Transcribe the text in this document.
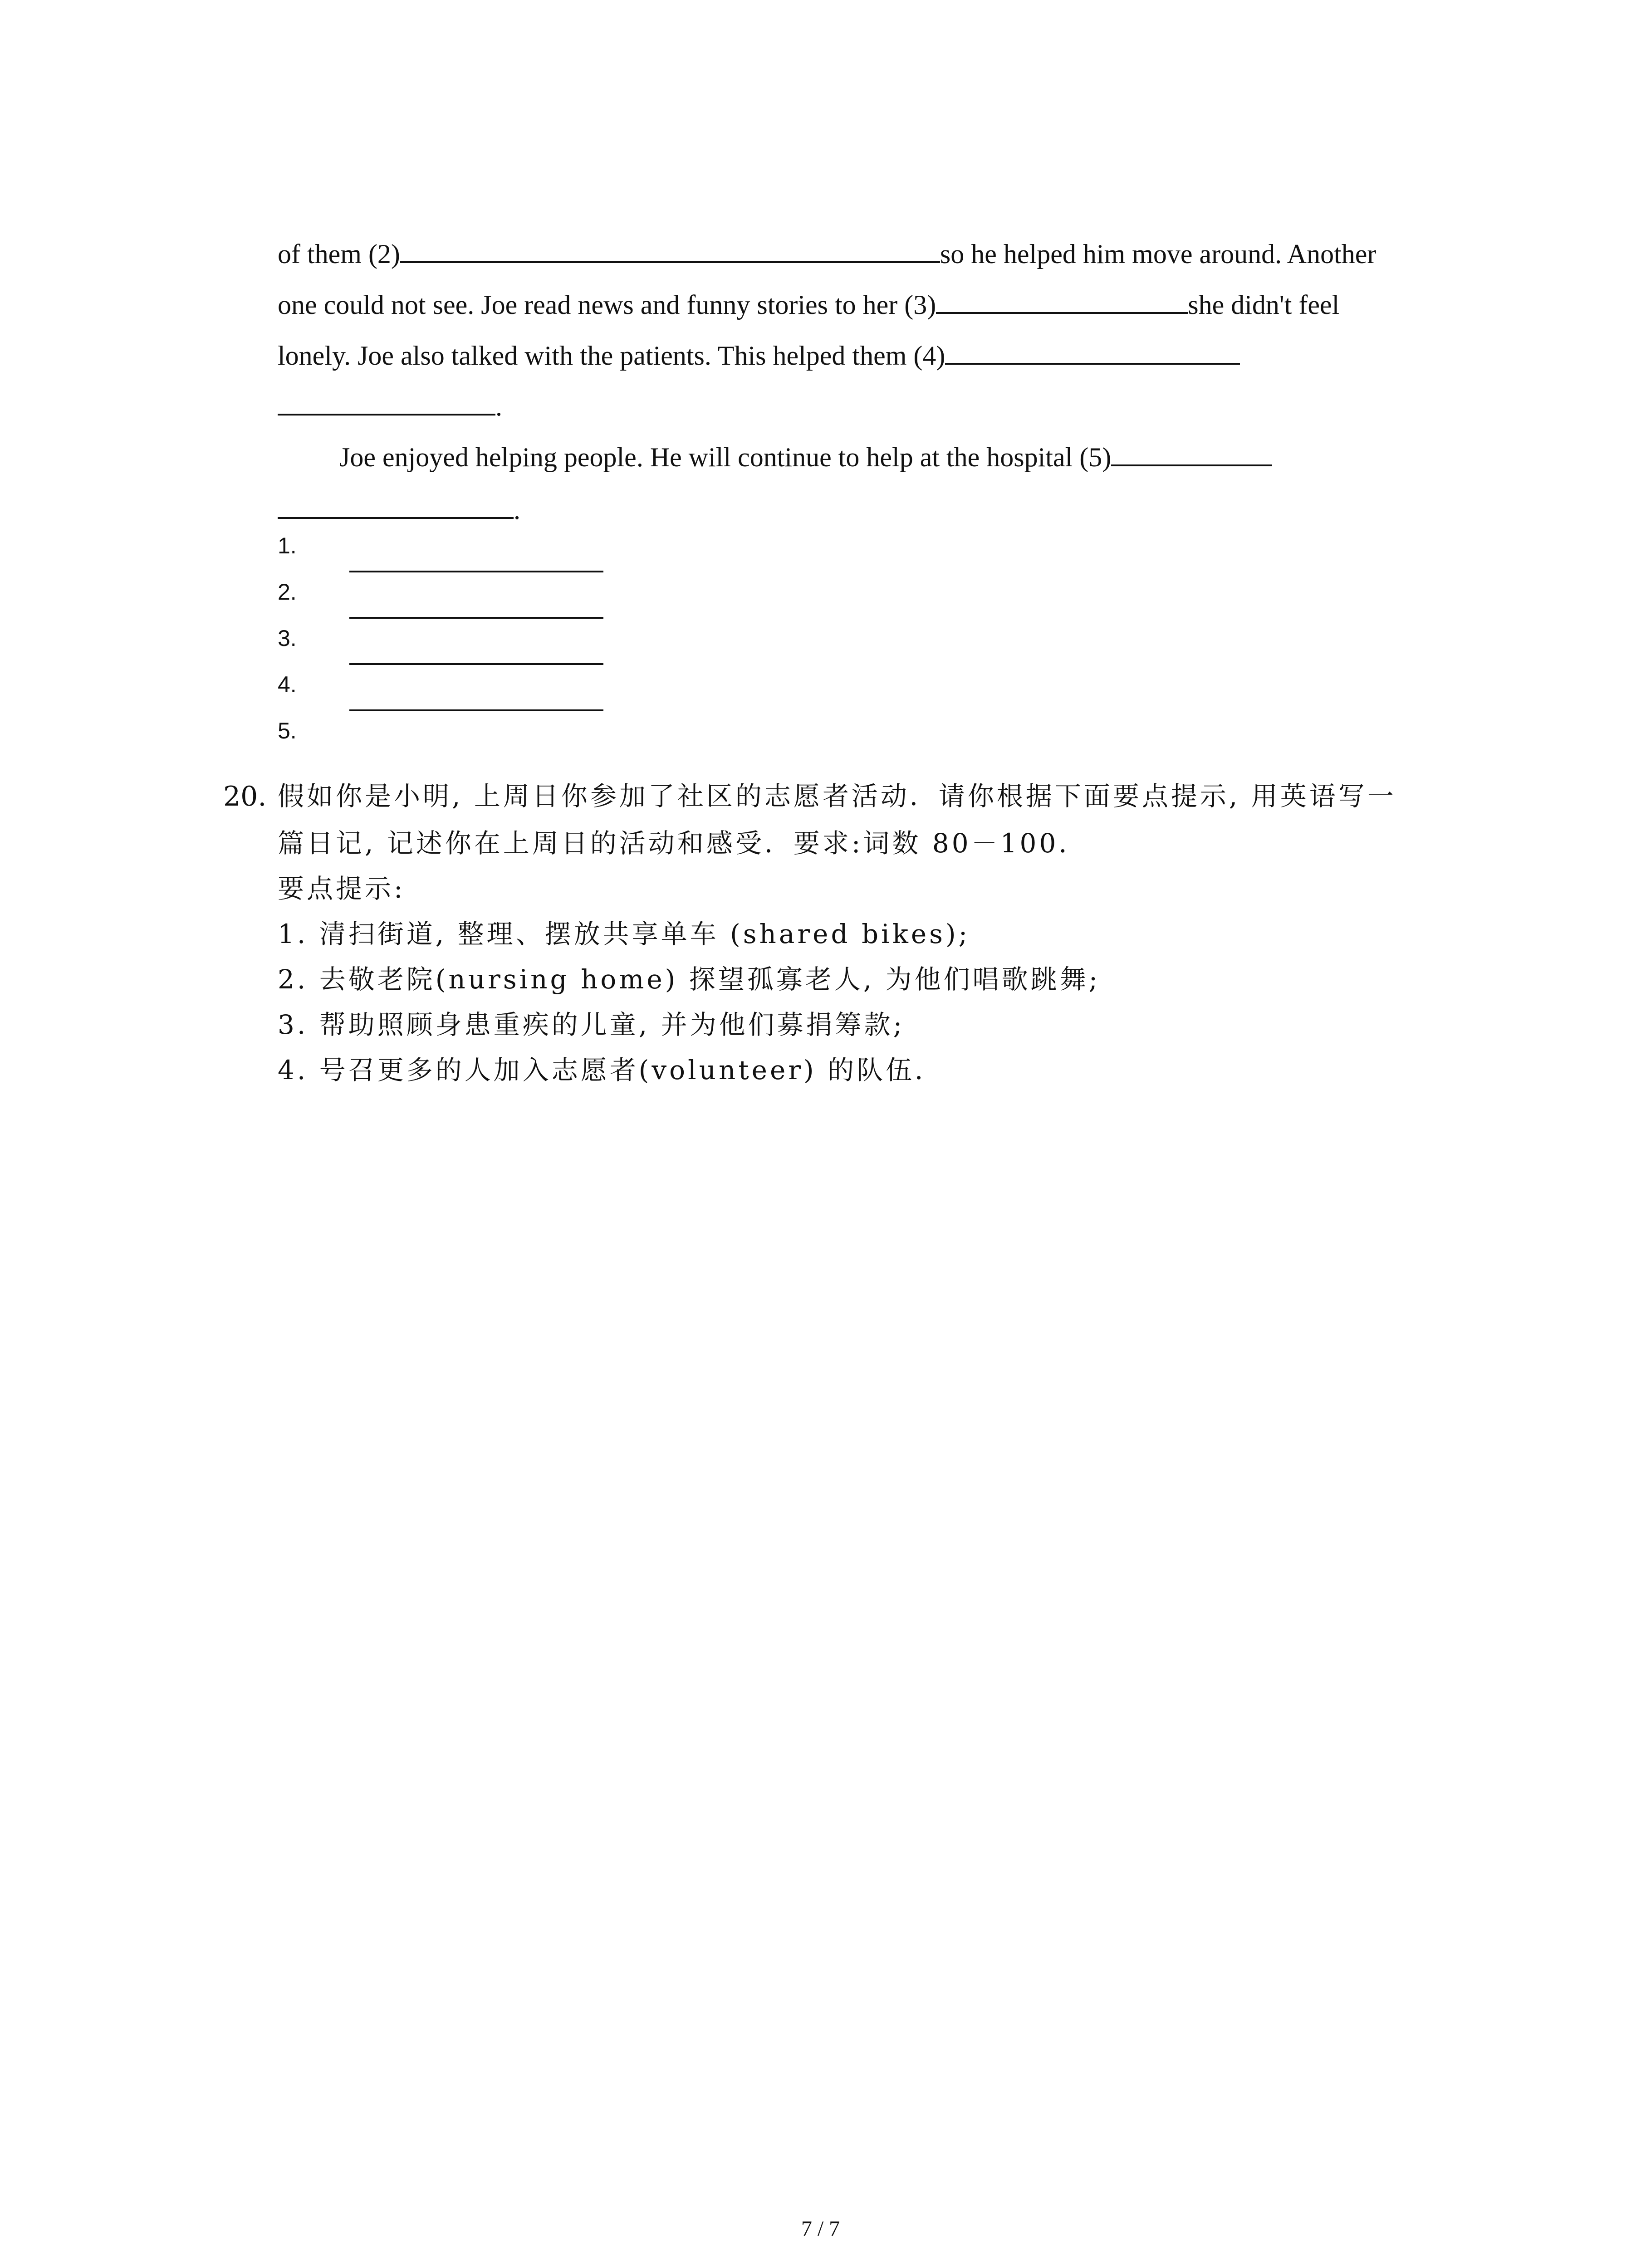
of them (2)	so he helped him move around. Another
one could not see. Joe read news and funny stories to her (3)	she didn't feel
lonely. Joe also talked with the patients. This helped them (4)
.
Joe enjoyed helping people. He will continue to help at the hospital (5)
.
1.
2.
3.
4.
5.
20. 假如你是小明, 上周日你参加了社区的志愿者活动．请你根据下面要点提示, 用英语写一
篇日记, 记述你在上周日的活动和感受．要求:词数 80－100．
要点提示:
1. 清扫街道, 整理、摆放共享单车 (shared bikes);
2. 去敬老院(nursing home) 探望孤寡老人, 为他们唱歌跳舞;
3. 帮助照顾身患重疾的儿童, 并为他们募捐筹款;
4. 号召更多的人加入志愿者(volunteer) 的队伍．
7 / 7
